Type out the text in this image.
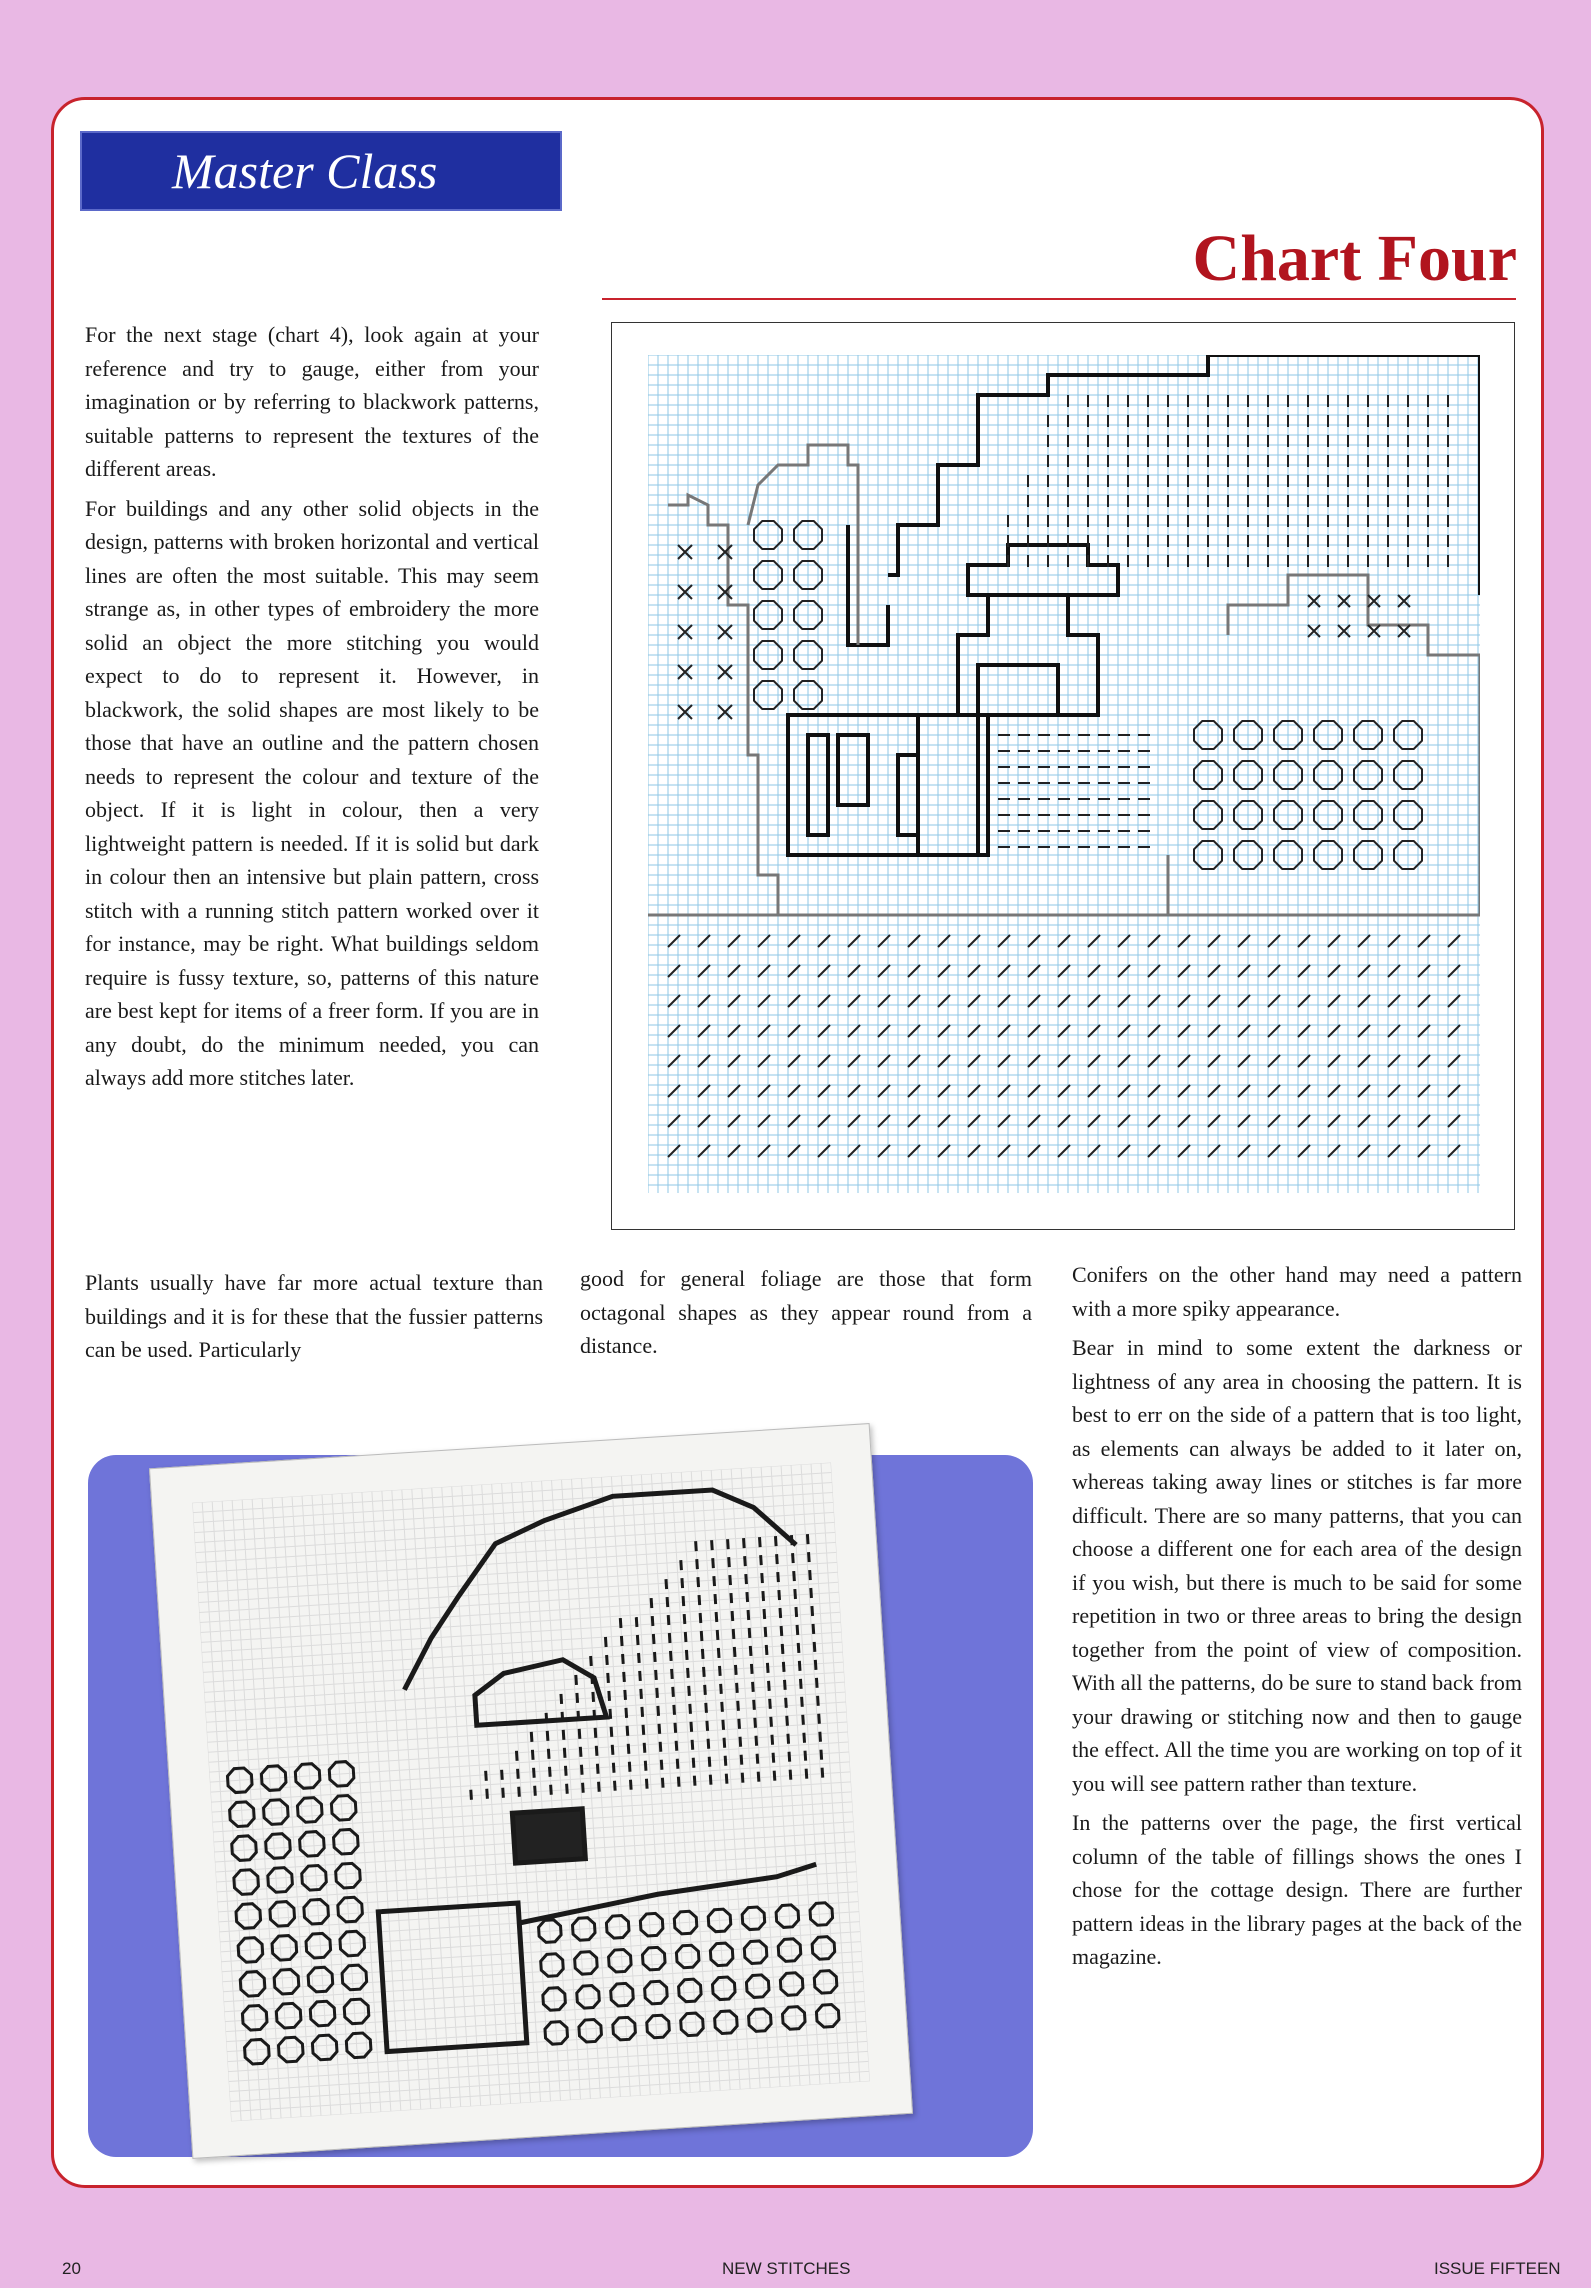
Master Class
Chart Four

For the next stage (chart 4), look again at your reference and try to gauge, either from your imagination or by referring to blackwork patterns, suitable patterns to represent the textures of the different areas.

For buildings and any other solid objects in the design, patterns with broken horizontal and vertical lines are often the most suitable. This may seem strange as, in other types of embroidery the more solid an object the more stitching you would expect to do to represent it. However, in blackwork, the solid shapes are most likely to be those that have an outline and the pattern chosen needs to represent the colour and texture of the object. If it is light in colour, then a very lightweight pattern is needed. If it is solid but dark in colour then an intensive but plain pattern, cross stitch with a running stitch pattern worked over it for instance, may be right. What buildings seldom require is fussy texture, so, patterns of this nature are best kept for items of a freer form. If you are in any doubt, do the minimum needed, you can always add more stitches later.

Plants usually have far more actual texture than buildings and it is for these that the fussier patterns can be used. Particularly

good for general foliage are those that form octagonal shapes as they appear round from a distance.

Conifers on the other hand may need a pattern with a more spiky appearance.

Bear in mind to some extent the darkness or lightness of any area in choosing the pattern. It is best to err on the side of a pattern that is too light, as elements can always be added to it later on, whereas taking away lines or stitches is far more difficult. There are so many patterns, that you can choose a different one for each area of the design if you wish, but there is much to be said for some repetition in two or three areas to bring the design together from the point of view of composition. With all the patterns, do be sure to stand back from your drawing or stitching now and then to gauge the effect. All the time you are working on top of it you will see pattern rather than texture.

In the patterns over the page, the first vertical column of the table of fillings shows the ones I chose for the cottage design. There are further pattern ideas in the library pages at the back of the magazine.

20	NEW STITCHES	ISSUE FIFTEEN
